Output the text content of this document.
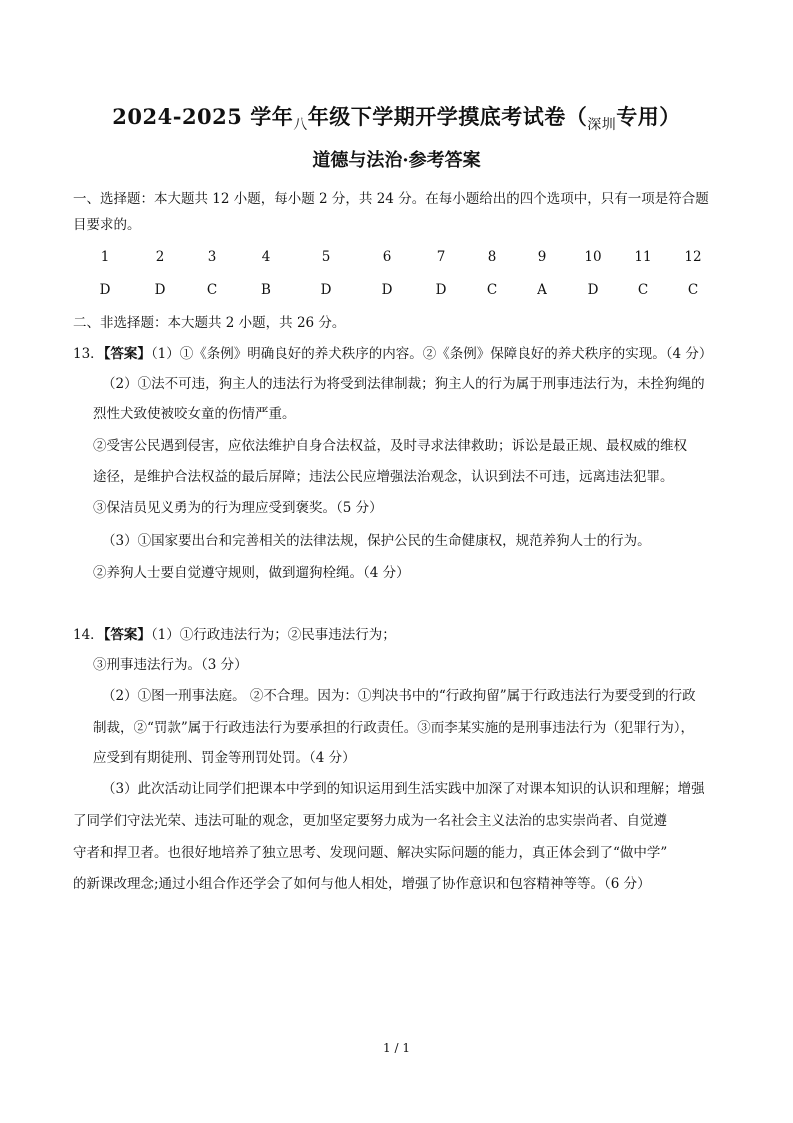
2024-2025 学年$_八$年级下学期开学摸底考试卷（$_{深圳}$专用）
道德与法治·参考答案
一、选择题：本大题共 12 小题，每小题 2 分，共 24 分。在每小题给出的四个选项中，只有一项是符合题
目要求的。
1	2	3	4	5	6	7	8	9	10	11	12
D	D	C	B	D	D	D	C	A	D	C	C
二、非选择题：本大题共 2 小题，共 26 分。
13．【答案】（1）①《条例》明确良好的养犬秩序的内容。②《条例》保障良好的养犬秩序的实现。（4 分）
（2）①法不可违，狗主人的违法行为将受到法律制裁；狗主人的行为属于刑事违法行为，未拴狗绳的
烈性犬致使被咬女童的伤情严重。
②受害公民遇到侵害，应依法维护自身合法权益，及时寻求法律救助；诉讼是最正规、最权威的维权
途径，是维护合法权益的最后屏障；违法公民应增强法治观念，认识到法不可违，远离违法犯罪。
③保洁员见义勇为的行为理应受到褒奖。（5 分）
（3）①国家要出台和完善相关的法律法规，保护公民的生命健康权，规范养狗人士的行为。
②养狗人士要自觉遵守规则，做到遛狗栓绳。（4 分）
14．【答案】（1）①行政违法行为；②民事违法行为；
③刑事违法行为。（3 分）
（2）①图一刑事法庭。 ②不合理。因为：①判决书中的“行政拘留”属于行政违法行为要受到的行政
制裁，②“罚款”属于行政违法行为要承担的行政责任。③而李某实施的是刑事违法行为（犯罪行为），
应受到有期徒刑、罚金等刑罚处罚。（4 分）
（3）此次活动让同学们把课本中学到的知识运用到生活实践中加深了对课本知识的认识和理解；增强
了同学们守法光荣、违法可耻的观念，更加坚定要努力成为一名社会主义法治的忠实崇尚者、自觉遵
守者和捍卫者。也很好地培养了独立思考、发现问题、解决实际问题的能力，真正体会到了“做中学”
的新课改理念;通过小组合作还学会了如何与他人相处，增强了协作意识和包容精神等等。（6 分）
1 / 1
